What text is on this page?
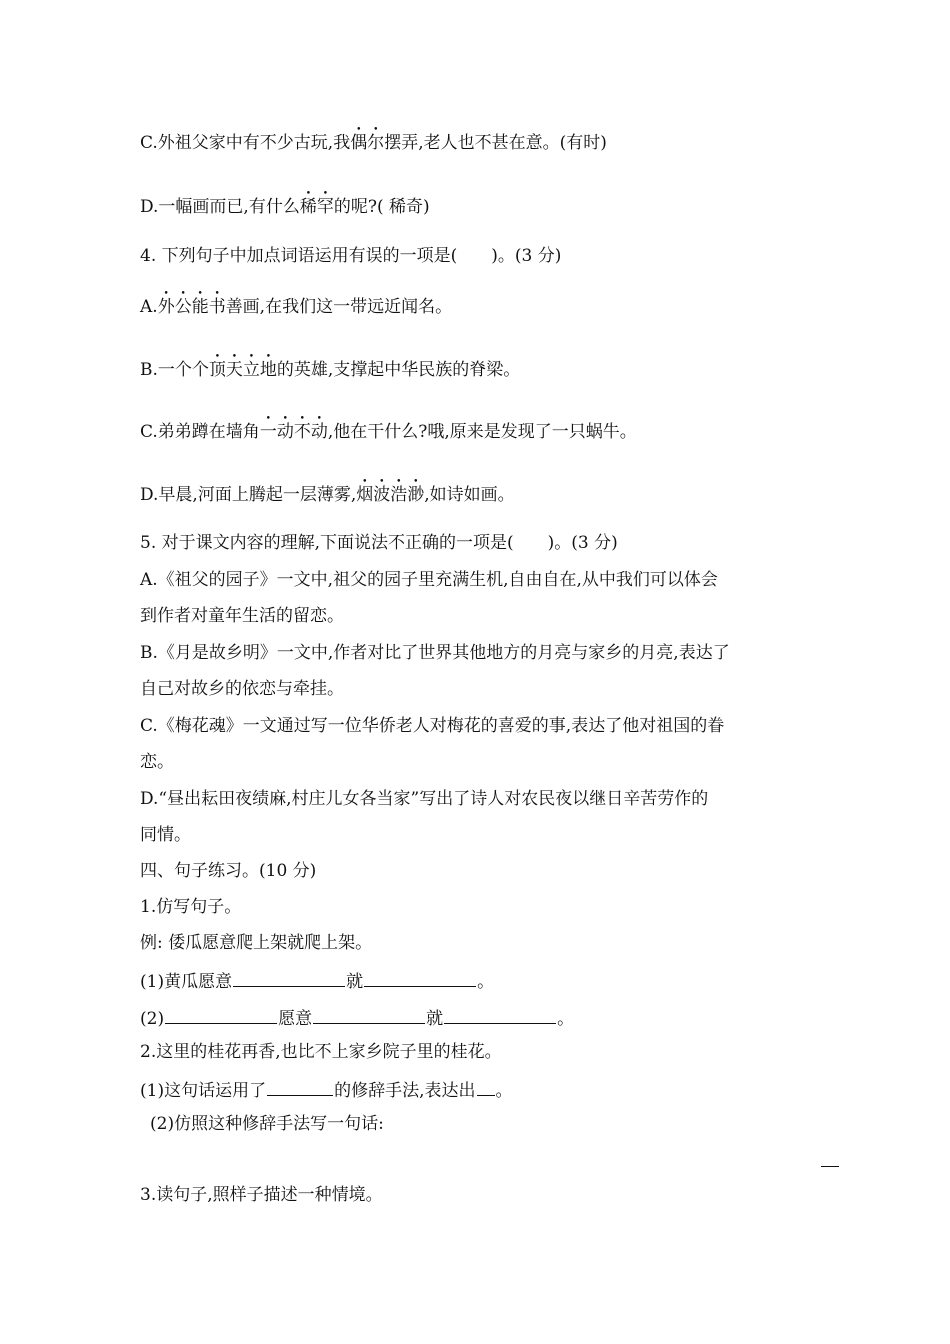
C.外祖父家中有不少古玩,我偶尔摆弄,老人也不甚在意。(有时)
D.一幅画而已,有什么稀罕的呢?( 稀奇)
4. 下列句子中加点词语运用有误的一项是(　　)。(3 分)
A.外公能书善画,在我们这一带远近闻名。
B.一个个顶天立地的英雄,支撑起中华民族的脊梁。
C.弟弟蹲在墙角一动不动,他在干什么?哦,原来是发现了一只蜗牛。
D.早晨,河面上腾起一层薄雾,烟波浩渺,如诗如画。
5. 对于课文内容的理解,下面说法不正确的一项是(　　)。(3 分)
A.《祖父的园子》一文中,祖父的园子里充满生机,自由自在,从中我们可以体会
到作者对童年生活的留恋。
B.《月是故乡明》一文中,作者对比了世界其他地方的月亮与家乡的月亮,表达了
自己对故乡的依恋与牵挂。
C.《梅花魂》一文通过写一位华侨老人对梅花的喜爱的事,表达了他对祖国的眷
恋。
D.“昼出耘田夜绩麻,村庄儿女各当家”写出了诗人对农民夜以继日辛苦劳作的
同情。
四、句子练习。(10 分)
1.仿写句子。
例: 倭瓜愿意爬上架就爬上架。
(1)黄瓜愿意	就	。
(2)	愿意	就	。
2.这里的桂花再香,也比不上家乡院子里的桂花。
(1)这句话运用了	的修辞手法,表达出 。
(2)仿照这种修辞手法写一句话:
3.读句子,照样子描述一种情境。
